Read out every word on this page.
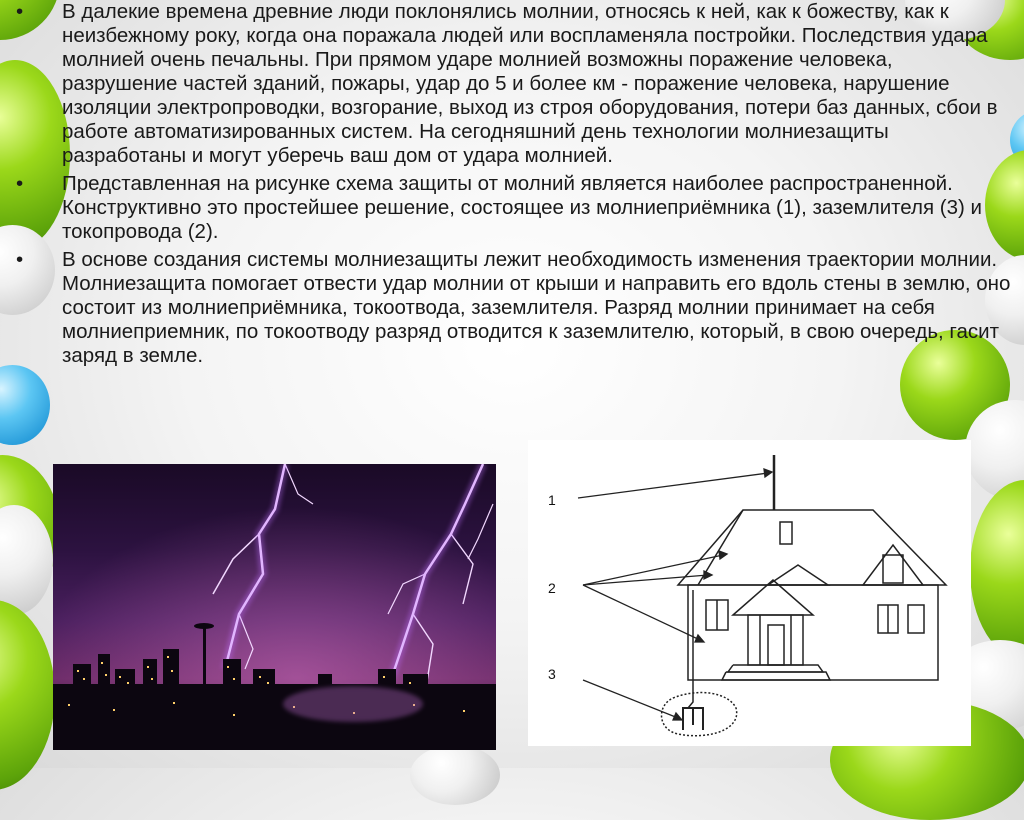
• В далекие времена древние люди поклонялись молнии, относясь к ней, как к божеству, как к неизбежному року, когда она поражала людей или воспламеняла постройки. Последствия удара молнией очень печальны. При прямом ударе молнией возможны поражение человека, разрушение частей зданий, пожары, удар до 5 и более км - поражение человека, нарушение изоляции электропроводки, возгорание, выход из строя оборудования, потери баз данных, сбои в работе автоматизированных систем. На сегодняшний день технологии молниезащиты разработаны и могут уберечь ваш дом от удара молнией.

• Представленная на рисунке схема защиты от молний является наиболее распространенной. Конструктивно это простейшее решение, состоящее из молниеприёмника (1), заземлителя (3) и токопровода (2).

• В основе создания системы молниезащиты лежит необходимость изменения траектории молнии. Молниезащита помогает отвести удар молнии от крыши и направить его вдоль стены в землю, оно состоит из молниеприёмника, токоотвода, заземлителя. Разряд молнии принимает на себя молниеприемник, по токоотводу разряд отводится к заземлителю, который, в свою очередь, гасит заряд в земле.

1
2
3
